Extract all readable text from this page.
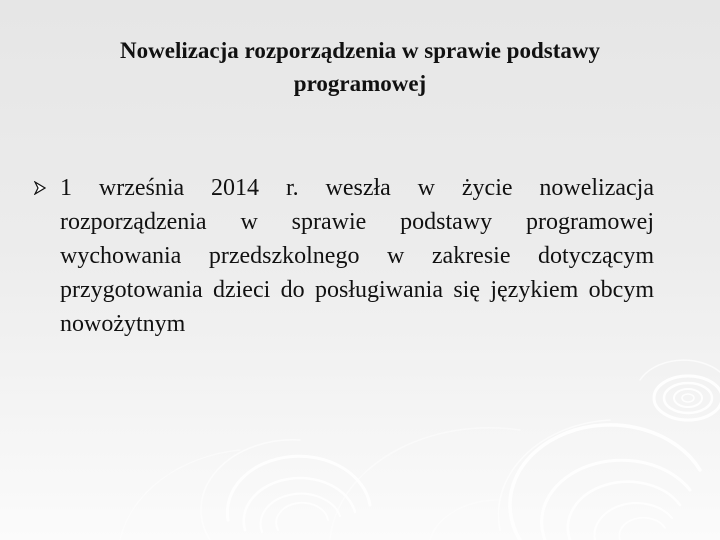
Nowelizacja rozporządzenia w sprawie podstawy
programowej

1 września 2014 r. weszła w życie nowelizacja rozporządzenia w sprawie podstawy programowej wychowania przedszkolnego w zakresie dotyczącym przygotowania dzieci do posługiwania się językiem obcym nowożytnym
